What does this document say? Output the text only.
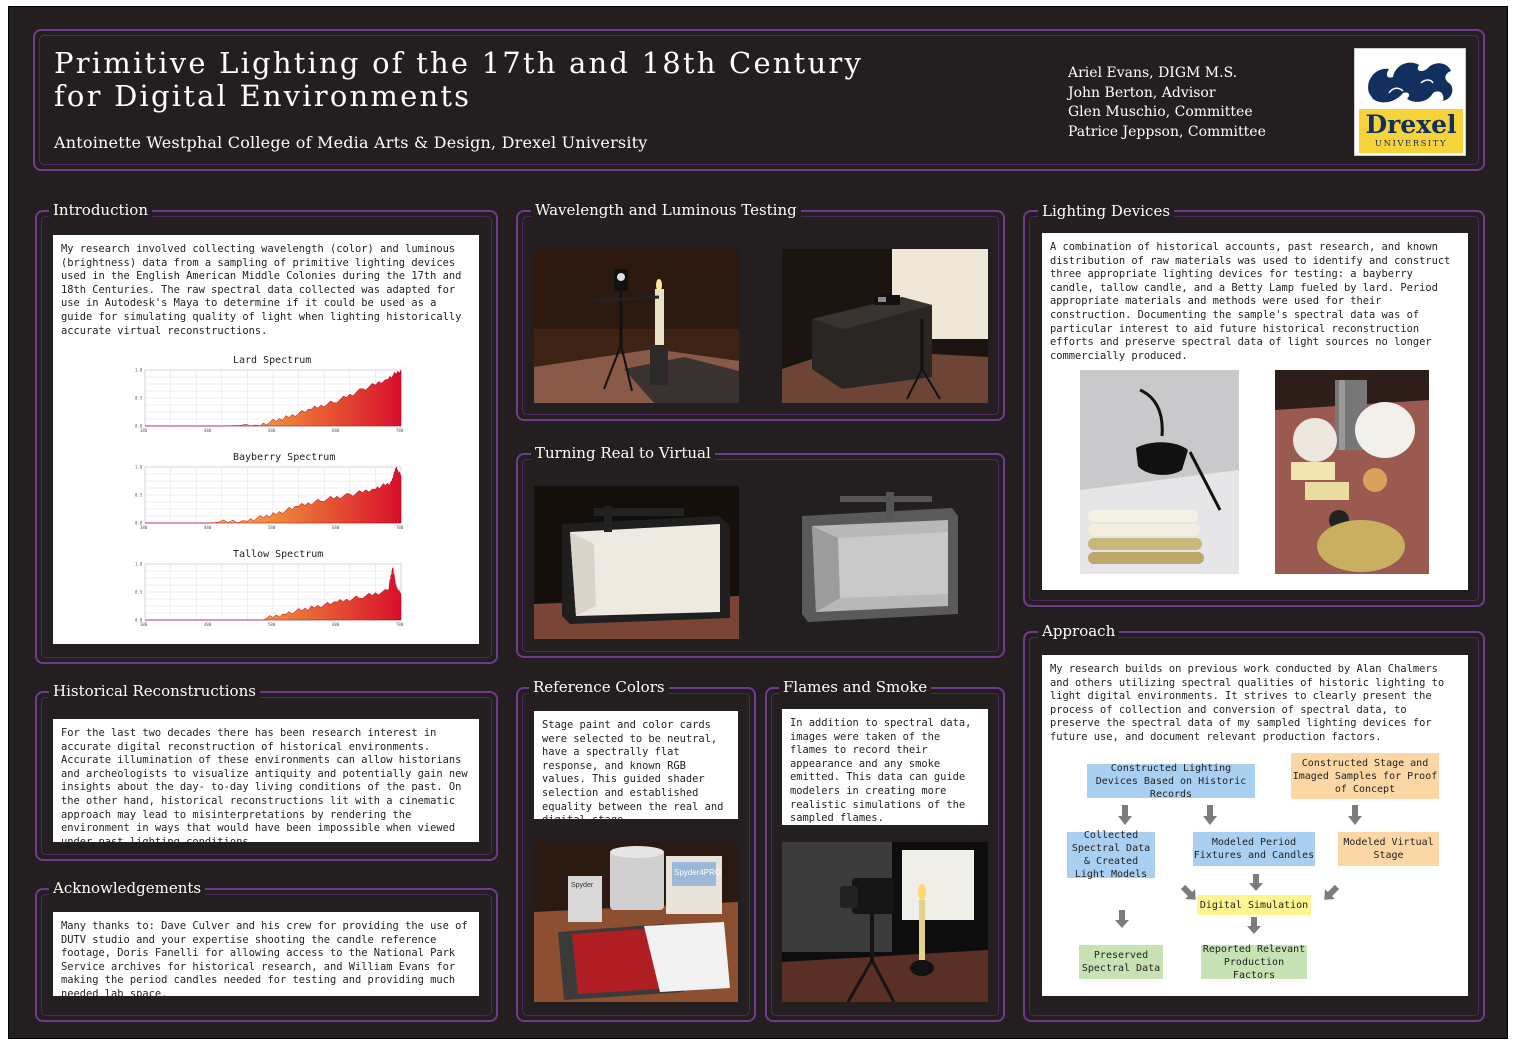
Primitive Lighting of the 17th and 18th Century
for Digital Environments
Antoinette Westphal College of Media Arts & Design, Drexel University
Ariel Evans, DIGM M.S.
John Berton, Advisor
Glen Muschio, Committee
Patrice Jeppson, Committee	Drexel
UNIVERSITY
Introduction
My research involved collecting wavelength (color) and luminous (brightness) data from a sampling of primitive lighting devices used in the English American Middle Colonies during the 17th and 18th Centuries. The raw spectral data collected was adapted for use in Autodesk's Maya to determine if it could be used as a guide for simulating quality of light when lighting historically accurate virtual reconstructions.
Lard Spectrum
380	480	580	680	780
0.0
0.5
1.0
Bayberry Spectrum
380	480	580	680	780
0.0
0.5
1.0
Tallow Spectrum
380	480	580	680	780
0.0
0.5
1.0
Historical Reconstructions
For the last two decades there has been research interest in accurate digital reconstruction of historical environments. Accurate illumination of these environments can allow historians and archeologists to visualize antiquity and potentially gain new insights about the day- to-day living conditions of the past. On the other hand, historical reconstructions lit with a cinematic approach may lead to misinterpretations by rendering the environment in ways that would have been impossible when viewed under past lighting conditions.
Acknowledgements
Many thanks to: Dave Culver and his crew for providing the use of DUTV studio and your expertise shooting the candle reference footage, Doris Fanelli for allowing access to the National Park Service archives for historical research, and William Evans for making the period candles needed for testing and providing much needed lab space.
Wavelength and Luminous Testing
Turning Real to Virtual
Reference Colors
Stage paint and color cards were selected to be neutral, have a spectrally flat response, and known RGB values. This guided shader selection and established equality between the real and digital stage.
Spyder
Spyder4PRO
Flames and Smoke
In addition to spectral data, images were taken of the flames to record their appearance and any smoke emitted. This data can guide modelers in creating more realistic simulations of the sampled flames.
Lighting Devices
A combination of historical accounts, past research, and known distribution of raw materials was used to identify and construct three appropriate lighting devices for testing: a bayberry candle, tallow candle, and a Betty Lamp fueled by lard. Period appropriate materials and methods were used for their construction. Documenting the sample's spectral data was of particular interest to aid future historical reconstruction efforts and preserve spectral data of light sources no longer commercially produced.
Approach
My research builds on previous work conducted by Alan Chalmers and others utilizing spectral qualities of historic lighting to light digital environments. It strives to clearly present the process of collection and conversion of spectral data, to preserve the spectral data of my sampled lighting devices for future use, and document relevant production factors.
Constructed Lighting Devices Based on Historic Records
Constructed Stage and Imaged Samples for Proof of Concept
Collected Spectral Data & Created Light Models
Modeled Period Fixtures and Candles
Modeled Virtual Stage
Digital Simulation
Preserved Spectral Data
Reported Relevant Production Factors
